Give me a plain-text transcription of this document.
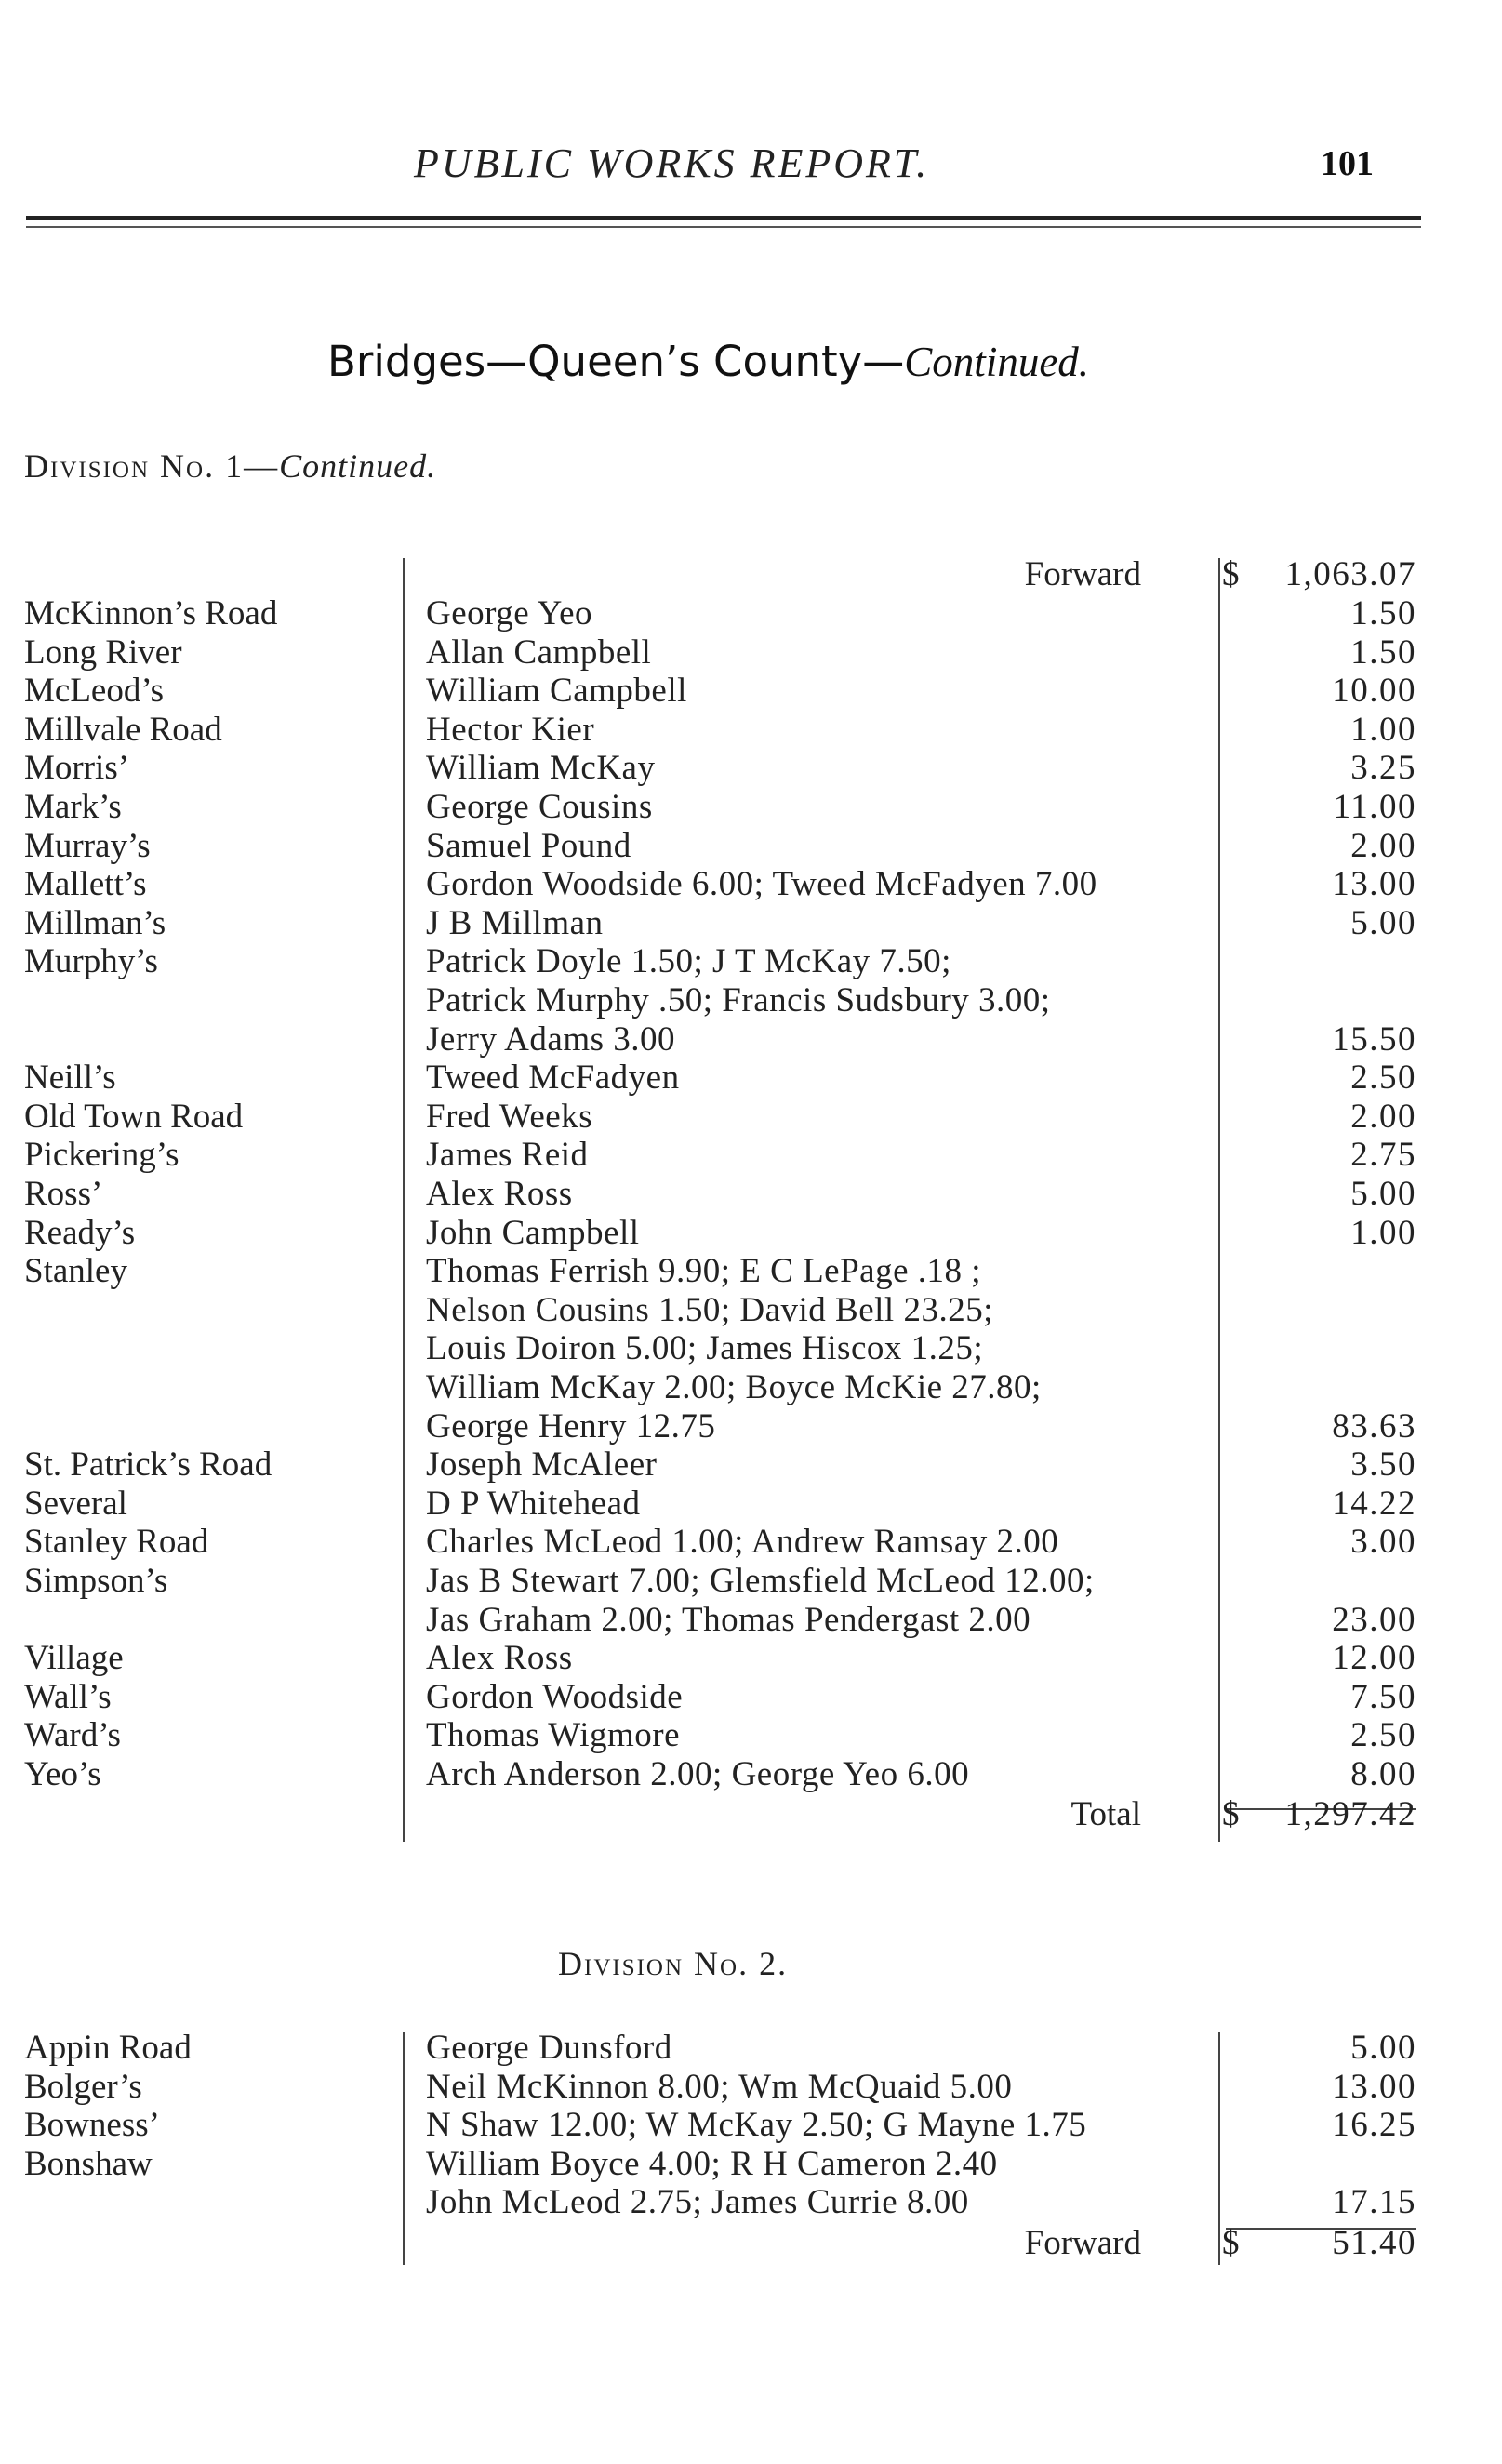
PUBLIC WORKS REPORT.	101
Bridges—Queen’s County—Continued.
Division No. 1—Continued.
Forward $ 1,063.07
McKinnon’s Road	George Yeo	1.50
Long River	Allan Campbell	1.50
McLeod’s	William Campbell	10.00
Millvale Road	Hector Kier	1.00
Morris’	William McKay	3.25
Mark’s	George Cousins	11.00
Murray’s	Samuel Pound	2.00
Mallett’s	Gordon Woodside 6.00; Tweed McFadyen 7.00	13.00
Millman’s	J B Millman	5.00
Murphy’s	Patrick Doyle 1.50; J T McKay 7.50;
Patrick Murphy .50; Francis Sudsbury 3.00;
Jerry Adams 3.00	15.50
Neill’s	Tweed McFadyen	2.50
Old Town Road	Fred Weeks	2.00
Pickering’s	James Reid	2.75
Ross’	Alex Ross	5.00
Ready’s	John Campbell	1.00
Stanley	Thomas Ferrish 9.90; E C LePage .18 ;
Nelson Cousins 1.50; David Bell 23.25;
Louis Doiron 5.00; James Hiscox 1.25;
William McKay 2.00; Boyce McKie 27.80;
George Henry 12.75	83.63
St. Patrick’s Road	Joseph McAleer	3.50
Several	D P Whitehead	14.22
Stanley Road	Charles McLeod 1.00; Andrew Ramsay 2.00	3.00
Simpson’s	Jas B Stewart 7.00; Glemsfield McLeod 12.00;
Jas Graham 2.00; Thomas Pendergast 2.00	23.00
Village	Alex Ross	12.00
Wall’s	Gordon Woodside	7.50
Ward’s	Thomas Wigmore	2.50
Yeo’s	Arch Anderson 2.00; George Yeo 6.00	8.00
Total $ 1,297.42
Division No. 2.
Appin Road	George Dunsford	5.00
Bolger’s	Neil McKinnon 8.00; Wm McQuaid 5.00	13.00
Bowness’	N Shaw 12.00; W McKay 2.50; G Mayne 1.75	16.25
Bonshaw	William Boyce 4.00; R H Cameron 2.40
John McLeod 2.75; James Currie 8.00	17.15
Forward $	51.40
